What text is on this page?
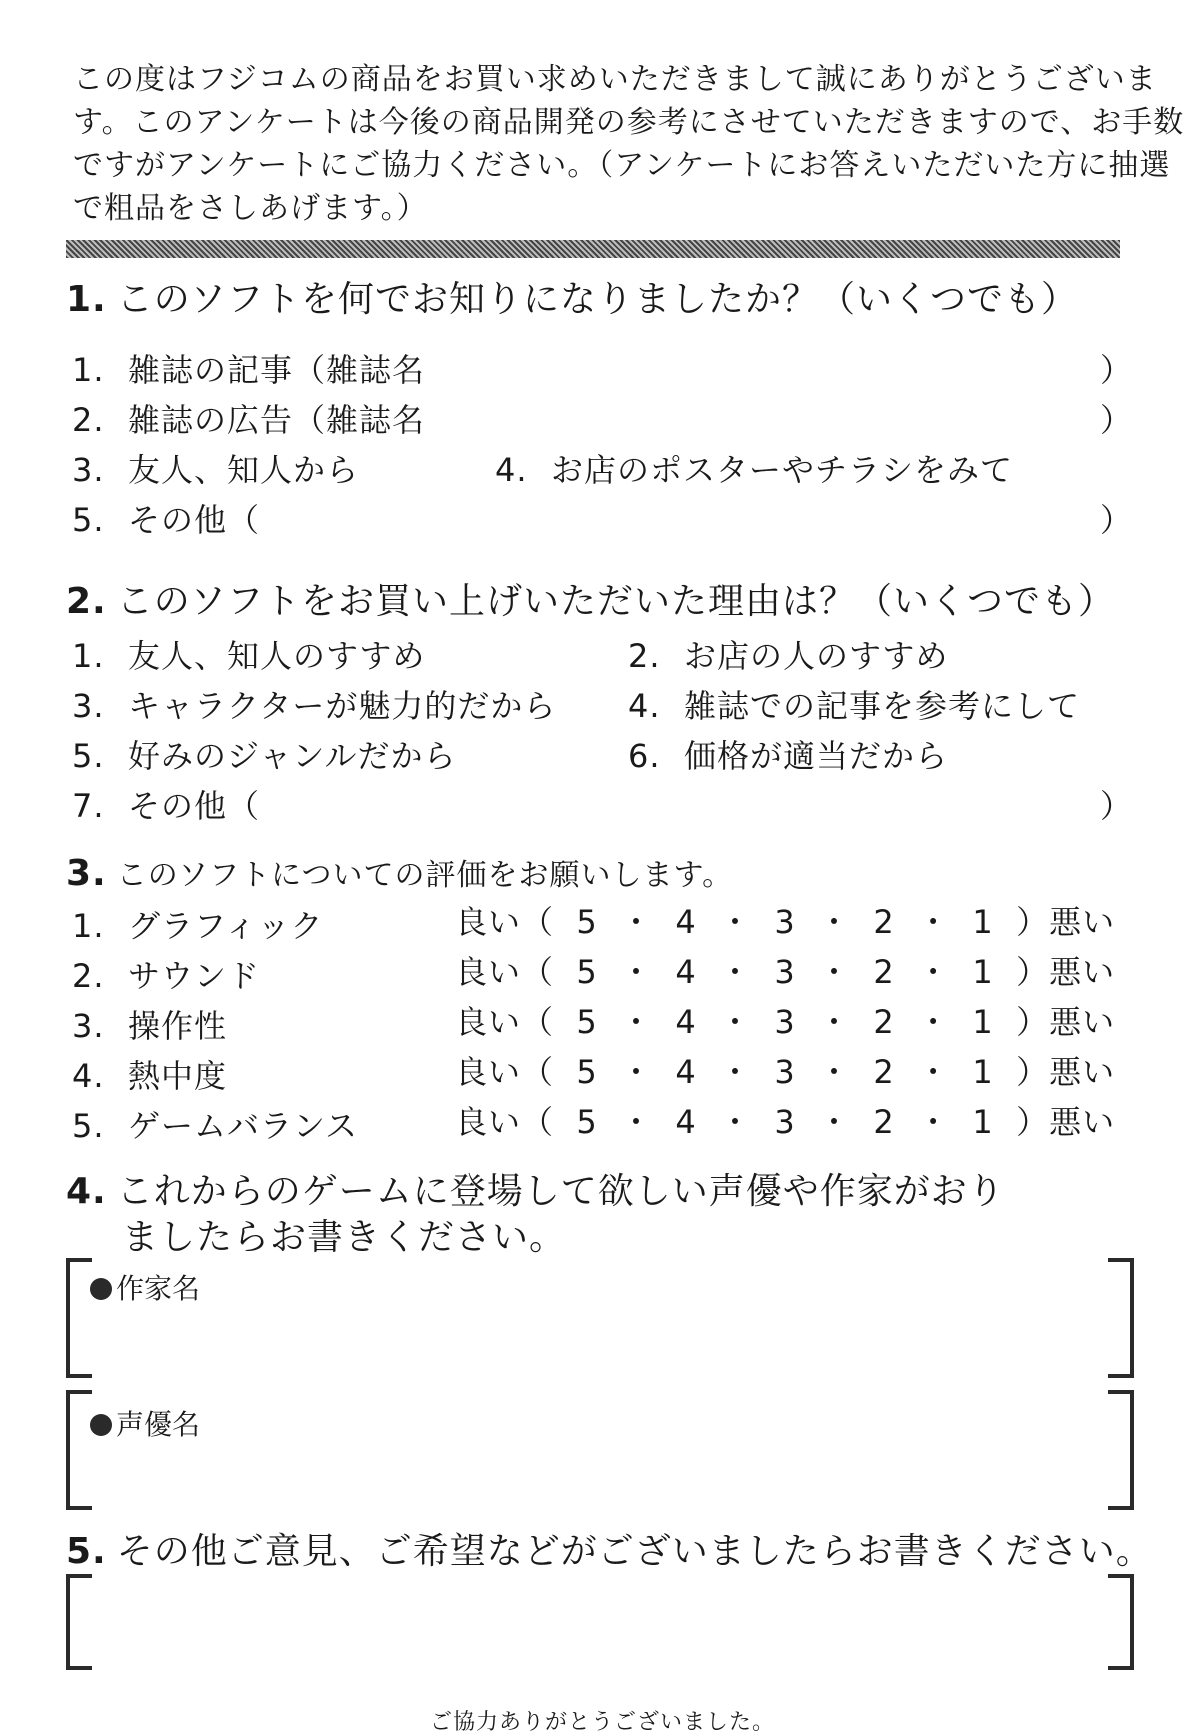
この度はフジコムの商品をお買い求めいただきまして誠にありがとうございま
す。このアンケートは今後の商品開発の参考にさせていただきますので、お手数
ですがアンケートにご協力ください。（アンケートにお答えいただいた方に抽選
で粗品をさしあげます。）
1. このソフトを何でお知りになりましたか？（いくつでも）
1. 雑誌の記事（雑誌名	）
2. 雑誌の広告（雑誌名	）
3. 友人、知人から	4. お店のポスターやチラシをみて
5. その他（	）
2. このソフトをお買い上げいただいた理由は？（いくつでも）
1. 友人、知人のすすめ	2. お店の人のすすめ
3. キャラクターが魅力的だから 4. 雑誌での記事を参考にして
5. 好みのジャンルだから	6. 価格が適当だから
7. その他（	）
3. このソフトについての評価をお願いします。
1. グラフィック	良い（ 5 ・ 4 ・ 3 ・ 2 ・ 1 ）悪い
2. サウンド	良い（ 5 ・ 4 ・ 3 ・ 2 ・ 1 ）悪い
3. 操作性	良い（ 5 ・ 4 ・ 3 ・ 2 ・ 1 ）悪い
4. 熱中度	良い（ 5 ・ 4 ・ 3 ・ 2 ・ 1 ）悪い
5. ゲームバランス	良い（ 5 ・ 4 ・ 3 ・ 2 ・ 1 ）悪い
4. これからのゲームに登場して欲しい声優や作家がおり
ましたらお書きください。
作家名
声優名
5. その他ご意見、ご希望などがございましたらお書きください。
ご協力ありがとうございました。
